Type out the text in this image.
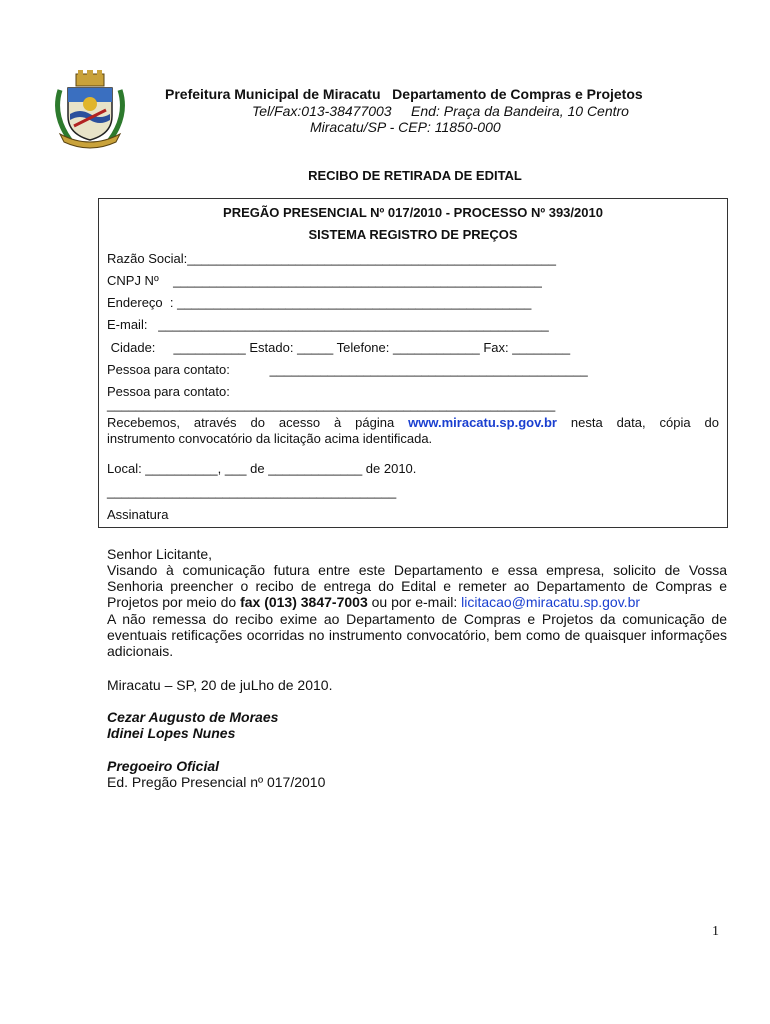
Prefeitura Municipal de Miracatu Departamento de Compras e Projetos
Tel/Fax:013-38477003 End: Praça da Bandeira, 10 Centro
Miracatu/SP - CEP: 11850-000
RECIBO DE RETIRADA DE EDITAL
PREGÃO PRESENCIAL Nº 017/2010 - PROCESSO Nº 393/2010
SISTEMA REGISTRO DE PREÇOS
Razão Social:___________________________________________________
CNPJ Nº    ___________________________________________________
Endereço  : _________________________________________________
E-mail:   ______________________________________________________
Cidade:     __________ Estado: _____ Telefone: ____________ Fax: ________
Pessoa para contato:           ____________________________________________
Pessoa para contato:
______________________________________________________________
Recebemos, através do acesso à página www.miracatu.sp.gov.br nesta data, cópia do
instrumento convocatório da licitação acima identificada.
Local: __________, ___ de _____________ de 2010.
________________________________________
Assinatura
Senhor Licitante,
Visando à comunicação futura entre este Departamento e essa empresa, solicito de Vossa Senhoria preencher o recibo de entrega do Edital e remeter ao Departamento de Compras e Projetos por meio do fax (013) 3847-7003 ou por e-mail: licitacao@miracatu.sp.gov.br
A não remessa do recibo exime ao Departamento de Compras e Projetos da comunicação de eventuais retificações ocorridas no instrumento convocatório, bem como de quaisquer informações adicionais.
Miracatu – SP, 20 de juLho de 2010.
Cezar Augusto de Moraes
Idinei Lopes Nunes
Pregoeiro Oficial
Ed. Pregão Presencial nº 017/2010
1
